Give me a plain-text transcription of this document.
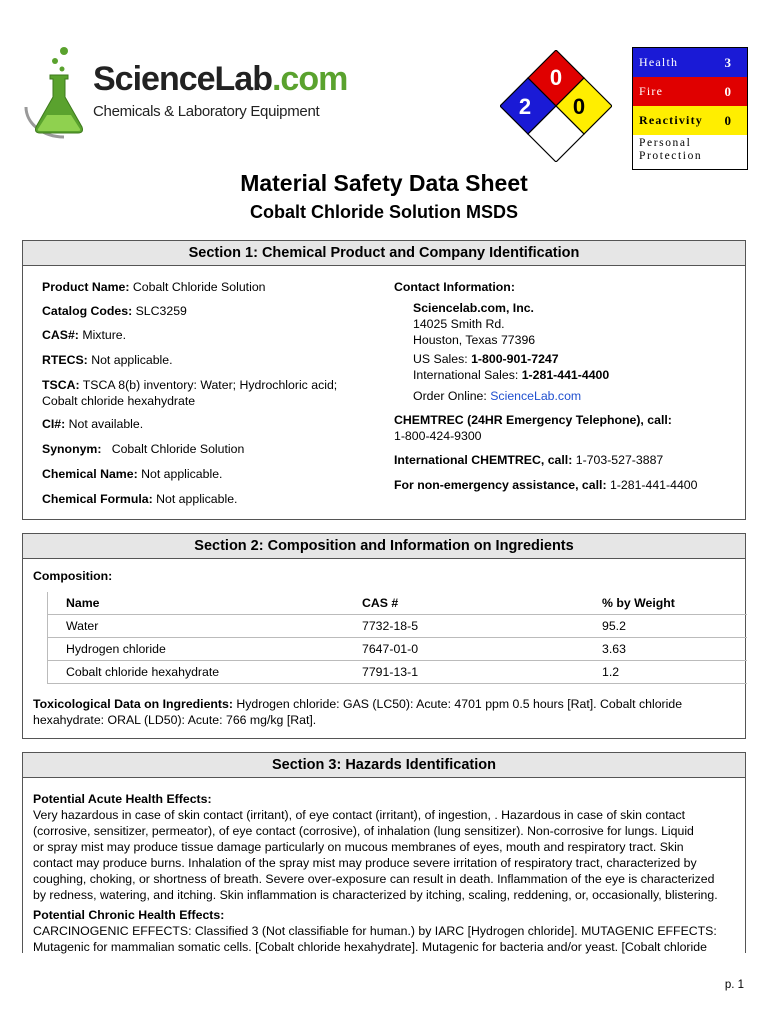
ScienceLab.com
Chemicals & Laboratory Equipment
0
2 0
Health	3
Fire	0
Reactivity 0
Personal
Protection
Material Safety Data Sheet
Cobalt Chloride Solution MSDS
Section 1: Chemical Product and Company Identification
Product Name: Cobalt Chloride Solution
Catalog Codes: SLC3259
CAS#: Mixture.
RTECS: Not applicable.
TSCA: TSCA 8(b) inventory: Water; Hydrochloric acid;
Cobalt chloride hexahydrate
CI#: Not available.
Synonym:   Cobalt Chloride Solution
Chemical Name: Not applicable.
Chemical Formula: Not applicable.
Contact Information:
Sciencelab.com, Inc.
14025 Smith Rd.
Houston, Texas 77396
US Sales: 1-800-901-7247
International Sales: 1-281-441-4400
Order Online: ScienceLab.com
CHEMTREC (24HR Emergency Telephone), call:
1-800-424-9300
International CHEMTREC, call: 1-703-527-3887
For non-emergency assistance, call: 1-281-441-4400
Section 2: Composition and Information on Ingredients
Composition:
Name	CAS #	% by Weight
Water	7732-18-5	95.2
Hydrogen chloride	7647-01-0	3.63
Cobalt chloride hexahydrate	7791-13-1	1.2
Toxicological Data on Ingredients: Hydrogen chloride: GAS (LC50): Acute: 4701 ppm 0.5 hours [Rat]. Cobalt chloride
hexahydrate: ORAL (LD50): Acute: 766 mg/kg [Rat].
Section 3: Hazards Identification
Potential Acute Health Effects:
Very hazardous in case of skin contact (irritant), of eye contact (irritant), of ingestion, . Hazardous in case of skin contact
(corrosive, sensitizer, permeator), of eye contact (corrosive), of inhalation (lung sensitizer). Non-corrosive for lungs. Liquid
or spray mist may produce tissue damage particularly on mucous membranes of eyes, mouth and respiratory tract. Skin
contact may produce burns. Inhalation of the spray mist may produce severe irritation of respiratory tract, characterized by
coughing, choking, or shortness of breath. Severe over-exposure can result in death. Inflammation of the eye is characterized
by redness, watering, and itching. Skin inflammation is characterized by itching, scaling, reddening, or, occasionally, blistering.
Potential Chronic Health Effects:
CARCINOGENIC EFFECTS: Classified 3 (Not classifiable for human.) by IARC [Hydrogen chloride]. MUTAGENIC EFFECTS:
Mutagenic for mammalian somatic cells. [Cobalt chloride hexahydrate]. Mutagenic for bacteria and/or yeast. [Cobalt chloride
p. 1
